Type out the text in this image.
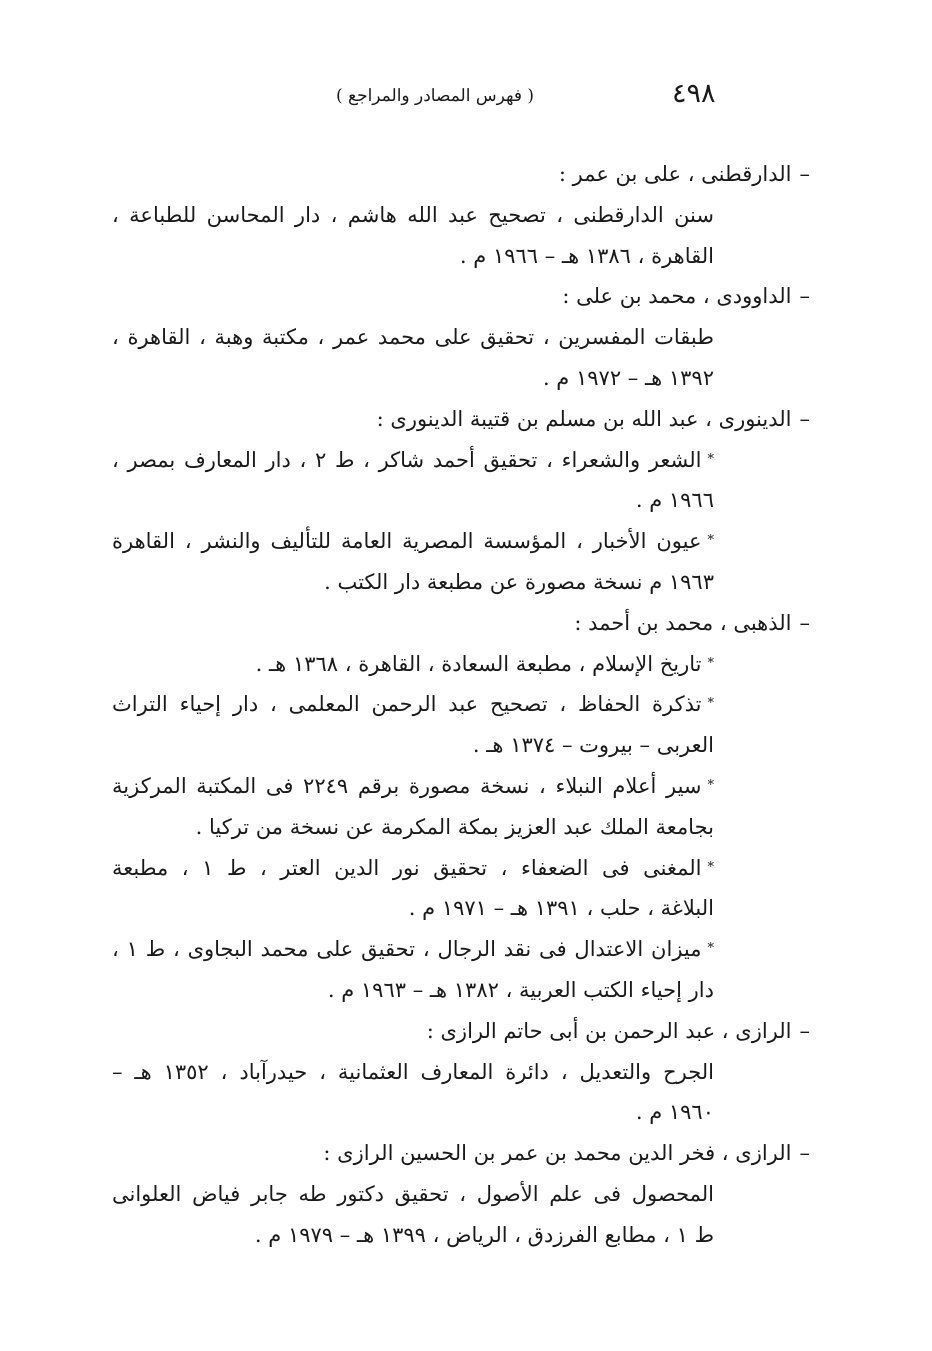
٤٩٨
( فهرس المصادر والمراجع )
–الدارقطنى ، على بن عمر :
سنن الدارقطنى ، تصحيح عبد الله هاشم ، دار المحاسن للطباعة ،
القاهرة ، ١٣٨٦ هـ – ١٩٦٦ م .
–الداوودى ، محمد بن على :
طبقات المفسرين ، تحقيق على محمد عمر ، مكتبة وهبة ، القاهرة ،
١٣٩٢ هـ – ١٩٧٢ م .
–الدينورى ، عبد الله بن مسلم بن قتيبة الدينورى :
*الشعر والشعراء ، تحقيق أحمد شاكر ، ط ٢ ، دار المعارف بمصر ،
١٩٦٦ م .
*عيون الأخبار ، المؤسسة المصرية العامة للتأليف والنشر ، القاهرة
١٩٦٣ م نسخة مصورة عن مطبعة دار الكتب .
–الذهبى ، محمد بن أحمد :
*تاريخ الإسلام ، مطبعة السعادة ، القاهرة ، ١٣٦٨ هـ .
*تذكرة الحفاظ ، تصحيح عبد الرحمن المعلمى ، دار إحياء التراث
العربى – بيروت – ١٣٧٤ هـ .
*سير أعلام النبلاء ، نسخة مصورة برقم ٢٢٤٩ فى المكتبة المركزية
بجامعة الملك عبد العزيز بمكة المكرمة عن نسخة من تركيا .
*المغنى فى الضعفاء ، تحقيق نور الدين العتر ، ط ١ ، مطبعة
البلاغة ، حلب ، ١٣٩١ هـ – ١٩٧١ م .
*ميزان الاعتدال فى نقد الرجال ، تحقيق على محمد البجاوى ، ط ١ ،
دار إحياء الكتب العربية ، ١٣٨٢ هـ – ١٩٦٣ م .
–الرازى ، عبد الرحمن بن أبى حاتم الرازى :
الجرح والتعديل ، دائرة المعارف العثمانية ، حيدرآباد ، ١٣٥٢ هـ –
١٩٦٠ م .
–الرازى ، فخر الدين محمد بن عمر بن الحسين الرازى :
المحصول فى علم الأصول ، تحقيق دكتور طه جابر فياض العلوانى
ط ١ ، مطابع الفرزدق ، الرياض ، ١٣٩٩ هـ – ١٩٧٩ م .
